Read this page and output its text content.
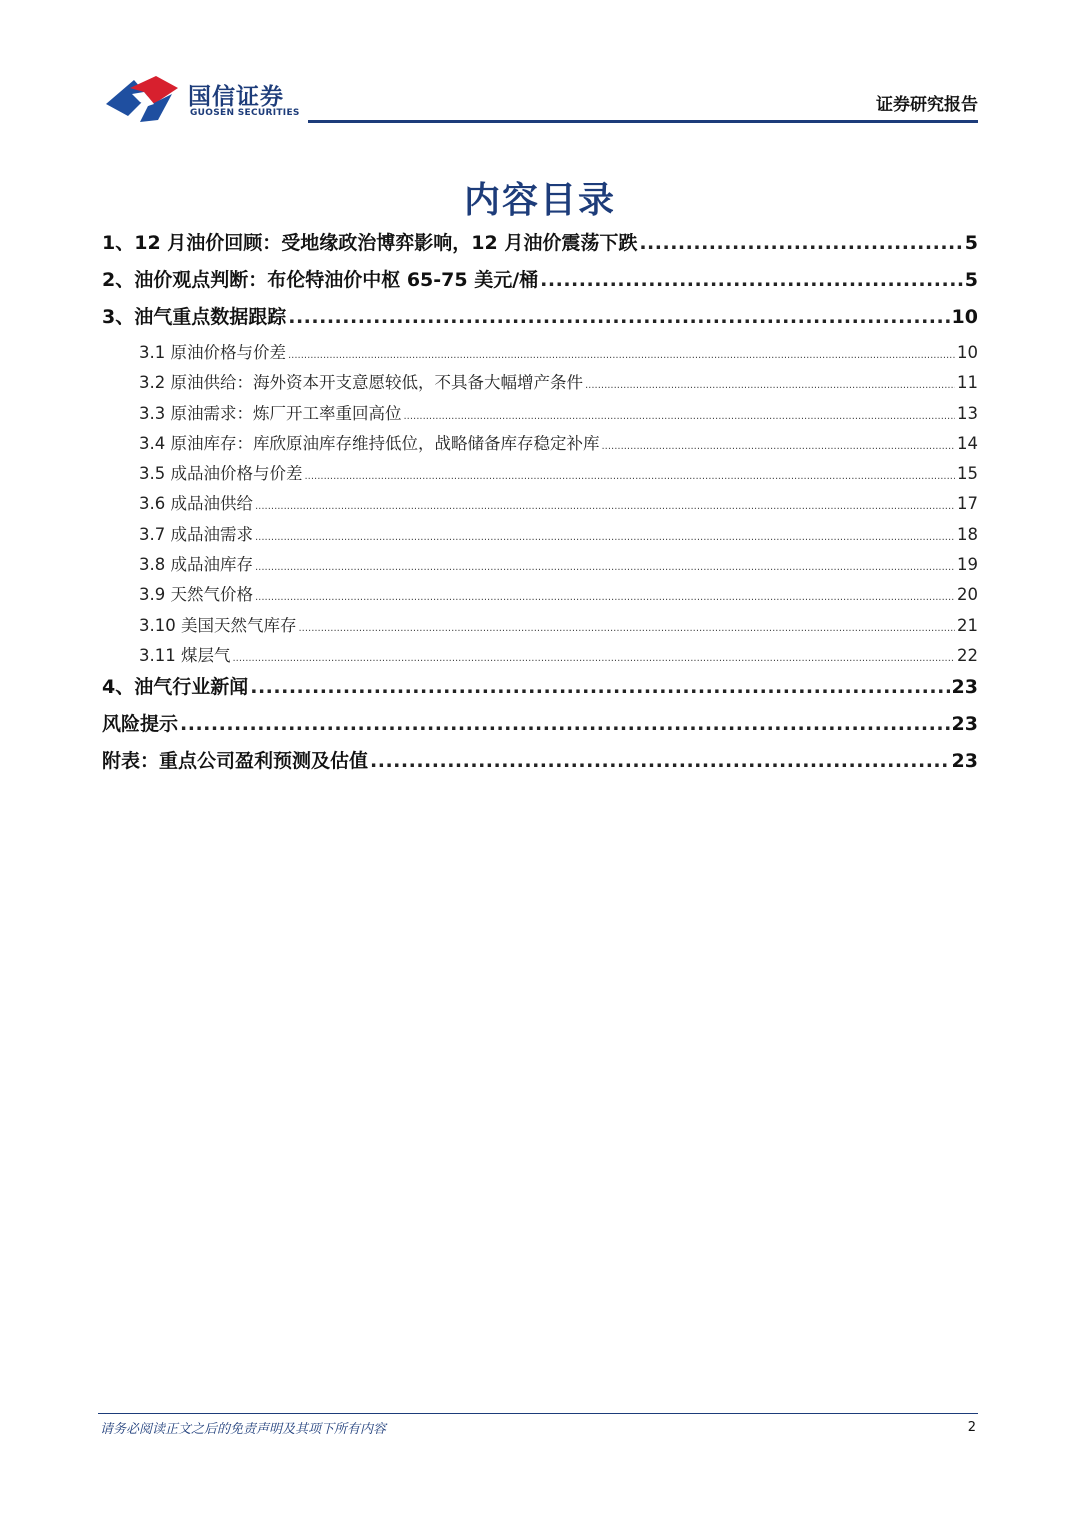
国信证券
GUOSEN SECURITIES	证券研究报告
内容目录
1、12 月油价回顾：受地缘政治博弈影响，12 月油价震荡下跌 .....	5
2、油价观点判断：布伦特油价中枢 65-75 美元/桶 .....	5
3、油气重点数据跟踪 .....	10
3.1 原油价格与价差 .....	10
3.2 原油供给：海外资本开支意愿较低，不具备大幅增产条件 .....	11
3.3 原油需求：炼厂开工率重回高位 .....	13
3.4 原油库存：库欣原油库存维持低位，战略储备库存稳定补库 .....	14
3.5 成品油价格与价差 .....	15
3.6 成品油供给 .....	17
3.7 成品油需求 .....	18
3.8 成品油库存 .....	19
3.9 天然气价格 .....	20
3.10 美国天然气库存 .....	21
3.11 煤层气 .....	22
4、油气行业新闻 .....	23
风险提示 .....	23
附表：重点公司盈利预测及估值 .....	23
请务必阅读正文之后的免责声明及其项下所有内容	2
